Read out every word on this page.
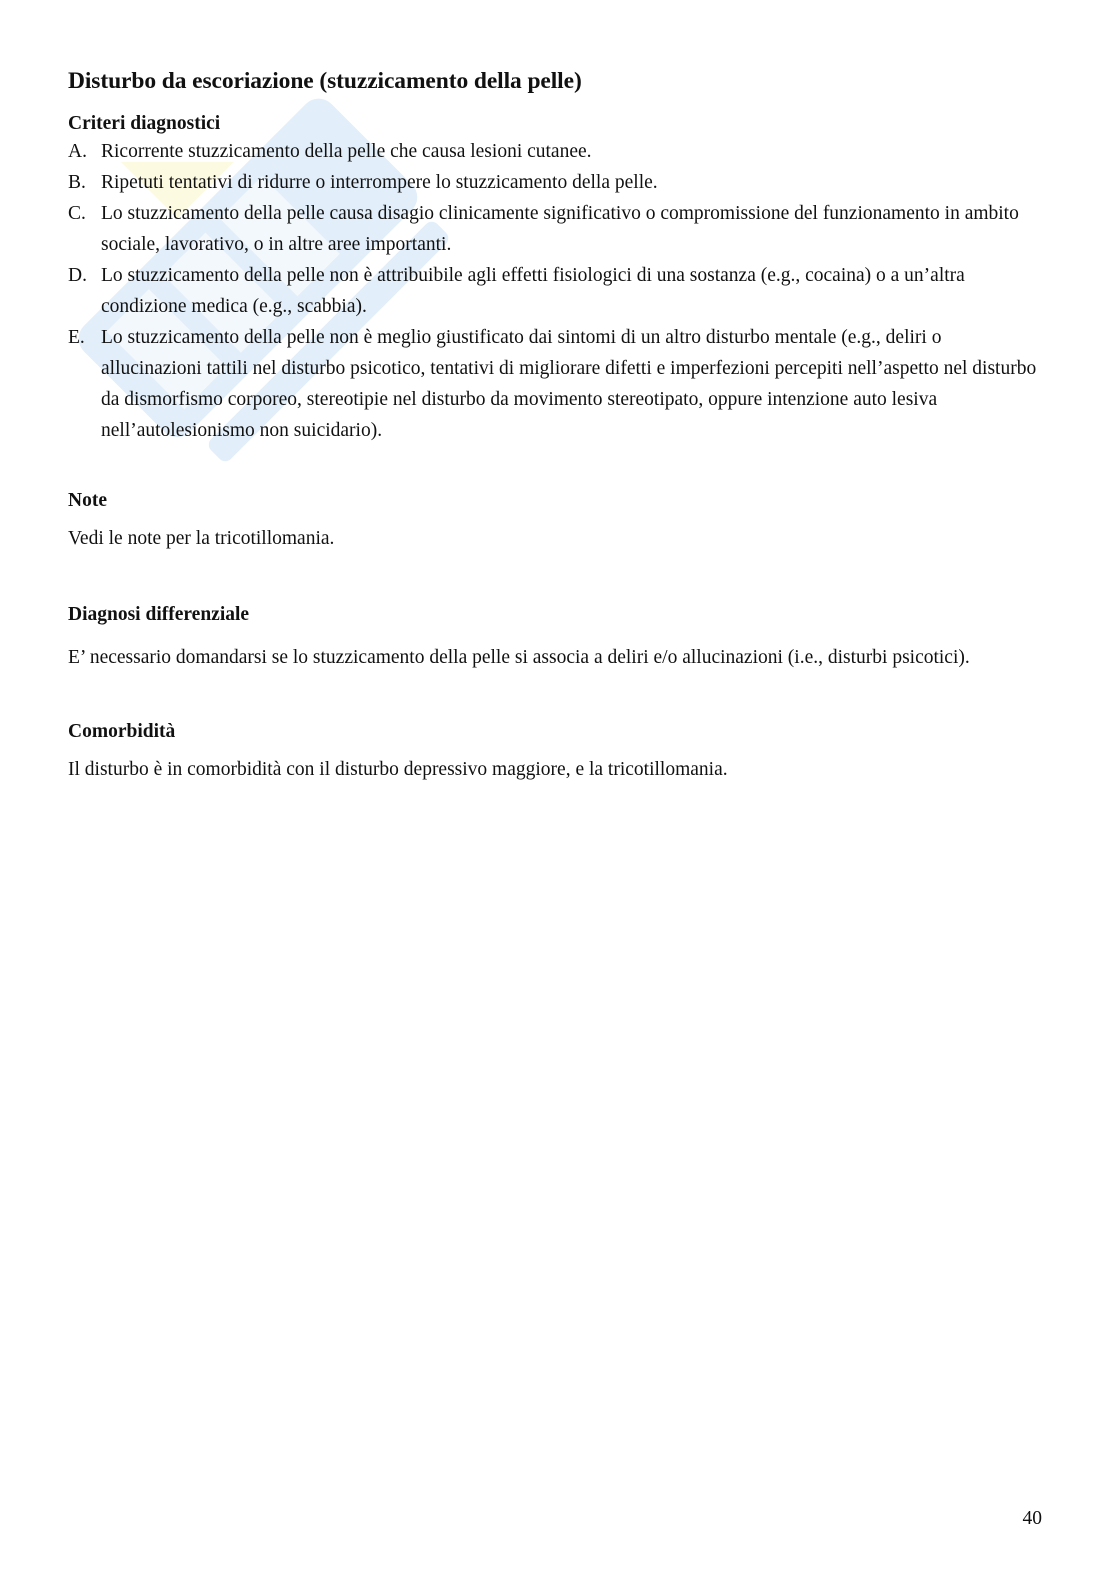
Disturbo da escoriazione (stuzzicamento della pelle)
Criteri diagnostici
A. Ricorrente stuzzicamento della pelle che causa lesioni cutanee.
B. Ripetuti tentativi di ridurre o interrompere lo stuzzicamento della pelle.
C. Lo stuzzicamento della pelle causa disagio clinicamente significativo o compromissione del funzionamento in ambito sociale, lavorativo, o in altre aree importanti.
D. Lo stuzzicamento della pelle non è attribuibile agli effetti fisiologici di una sostanza (e.g., cocaina) o a un’altra condizione medica (e.g., scabbia).
E. Lo stuzzicamento della pelle non è meglio giustificato dai sintomi di un altro disturbo mentale (e.g., deliri o allucinazioni tattili nel disturbo psicotico, tentativi di migliorare difetti e imperfezioni percepiti nell’aspetto nel disturbo da dismorfismo corporeo, stereotipie nel disturbo da movimento stereotipato, oppure intenzione auto lesiva nell’autolesionismo non suicidario).
Note

Vedi le note per la tricotillomania.

Diagnosi differenziale

E’ necessario domandarsi se lo stuzzicamento della pelle si associa a deliri e/o allucinazioni (i.e., disturbi psicotici).

Comorbidità

Il disturbo è in comorbidità con il disturbo depressivo maggiore, e la tricotillomania.

40
